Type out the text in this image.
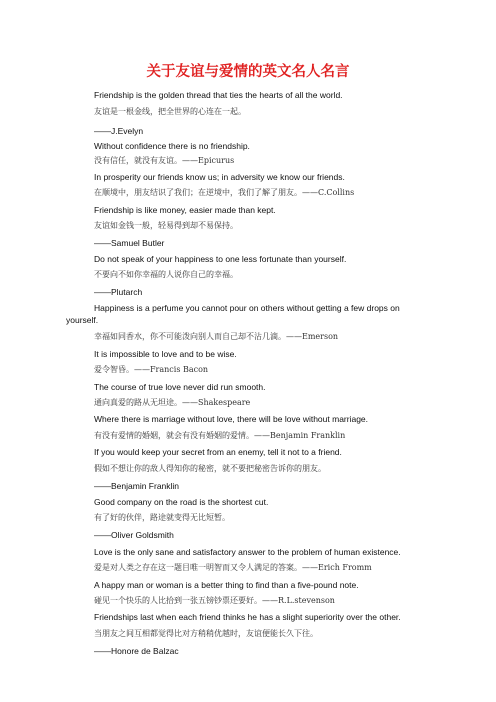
关于友谊与爱情的英文名人名言
Friendship is the golden thread that ties the hearts of all the world.
友谊是一根金线，把全世界的心连在一起。
——J.Evelyn
Without confidence there is no friendship.
没有信任，就没有友谊。——Epicurus
In prosperity our friends know us; in adversity we know our friends.
在顺境中，朋友结识了我们；在逆境中，我们了解了朋友。——C.Collins
Friendship is like money, easier made than kept.
友谊如金钱一般，轻易得到却不易保持。
——Samuel Butler
Do not speak of your happiness to one less fortunate than yourself.
不要向不如你幸福的人说你自己的幸福。
——Plutarch
Happiness is a perfume you cannot pour on others without getting a few drops on
yourself.
幸福如同香水，你不可能泼向别人而自己却不沾几滴。——Emerson
It is impossible to love and to be wise.
爱令智昏。——Francis Bacon
The course of true love never did run smooth.
通向真爱的路从无坦途。——Shakespeare
Where there is marriage without love, there will be love without marriage.
有没有爱情的婚姻，就会有没有婚姻的爱情。——Benjamin Franklin
If you would keep your secret from an enemy, tell it not to a friend.
假如不想让你的敌人得知你的秘密，就不要把秘密告诉你的朋友。
——Benjamin Franklin
Good company on the road is the shortest cut.
有了好的伙伴，路途就变得无比短暂。
——Oliver Goldsmith
Love is the only sane and satisfactory answer to the problem of human existence.
爱是对人类之存在这一题目唯一明智而又令人满足的答案。——Erich Fromm
A happy man or woman is a better thing to find than a five-pound note.
碰见一个快乐的人比拾到一张五镑钞票还要好。——R.L.stevenson
Friendships last when each friend thinks he has a slight superiority over the other.
当朋友之间互相都觉得比对方稍稍优越时，友谊便能长久下往。
——Honore de Balzac
